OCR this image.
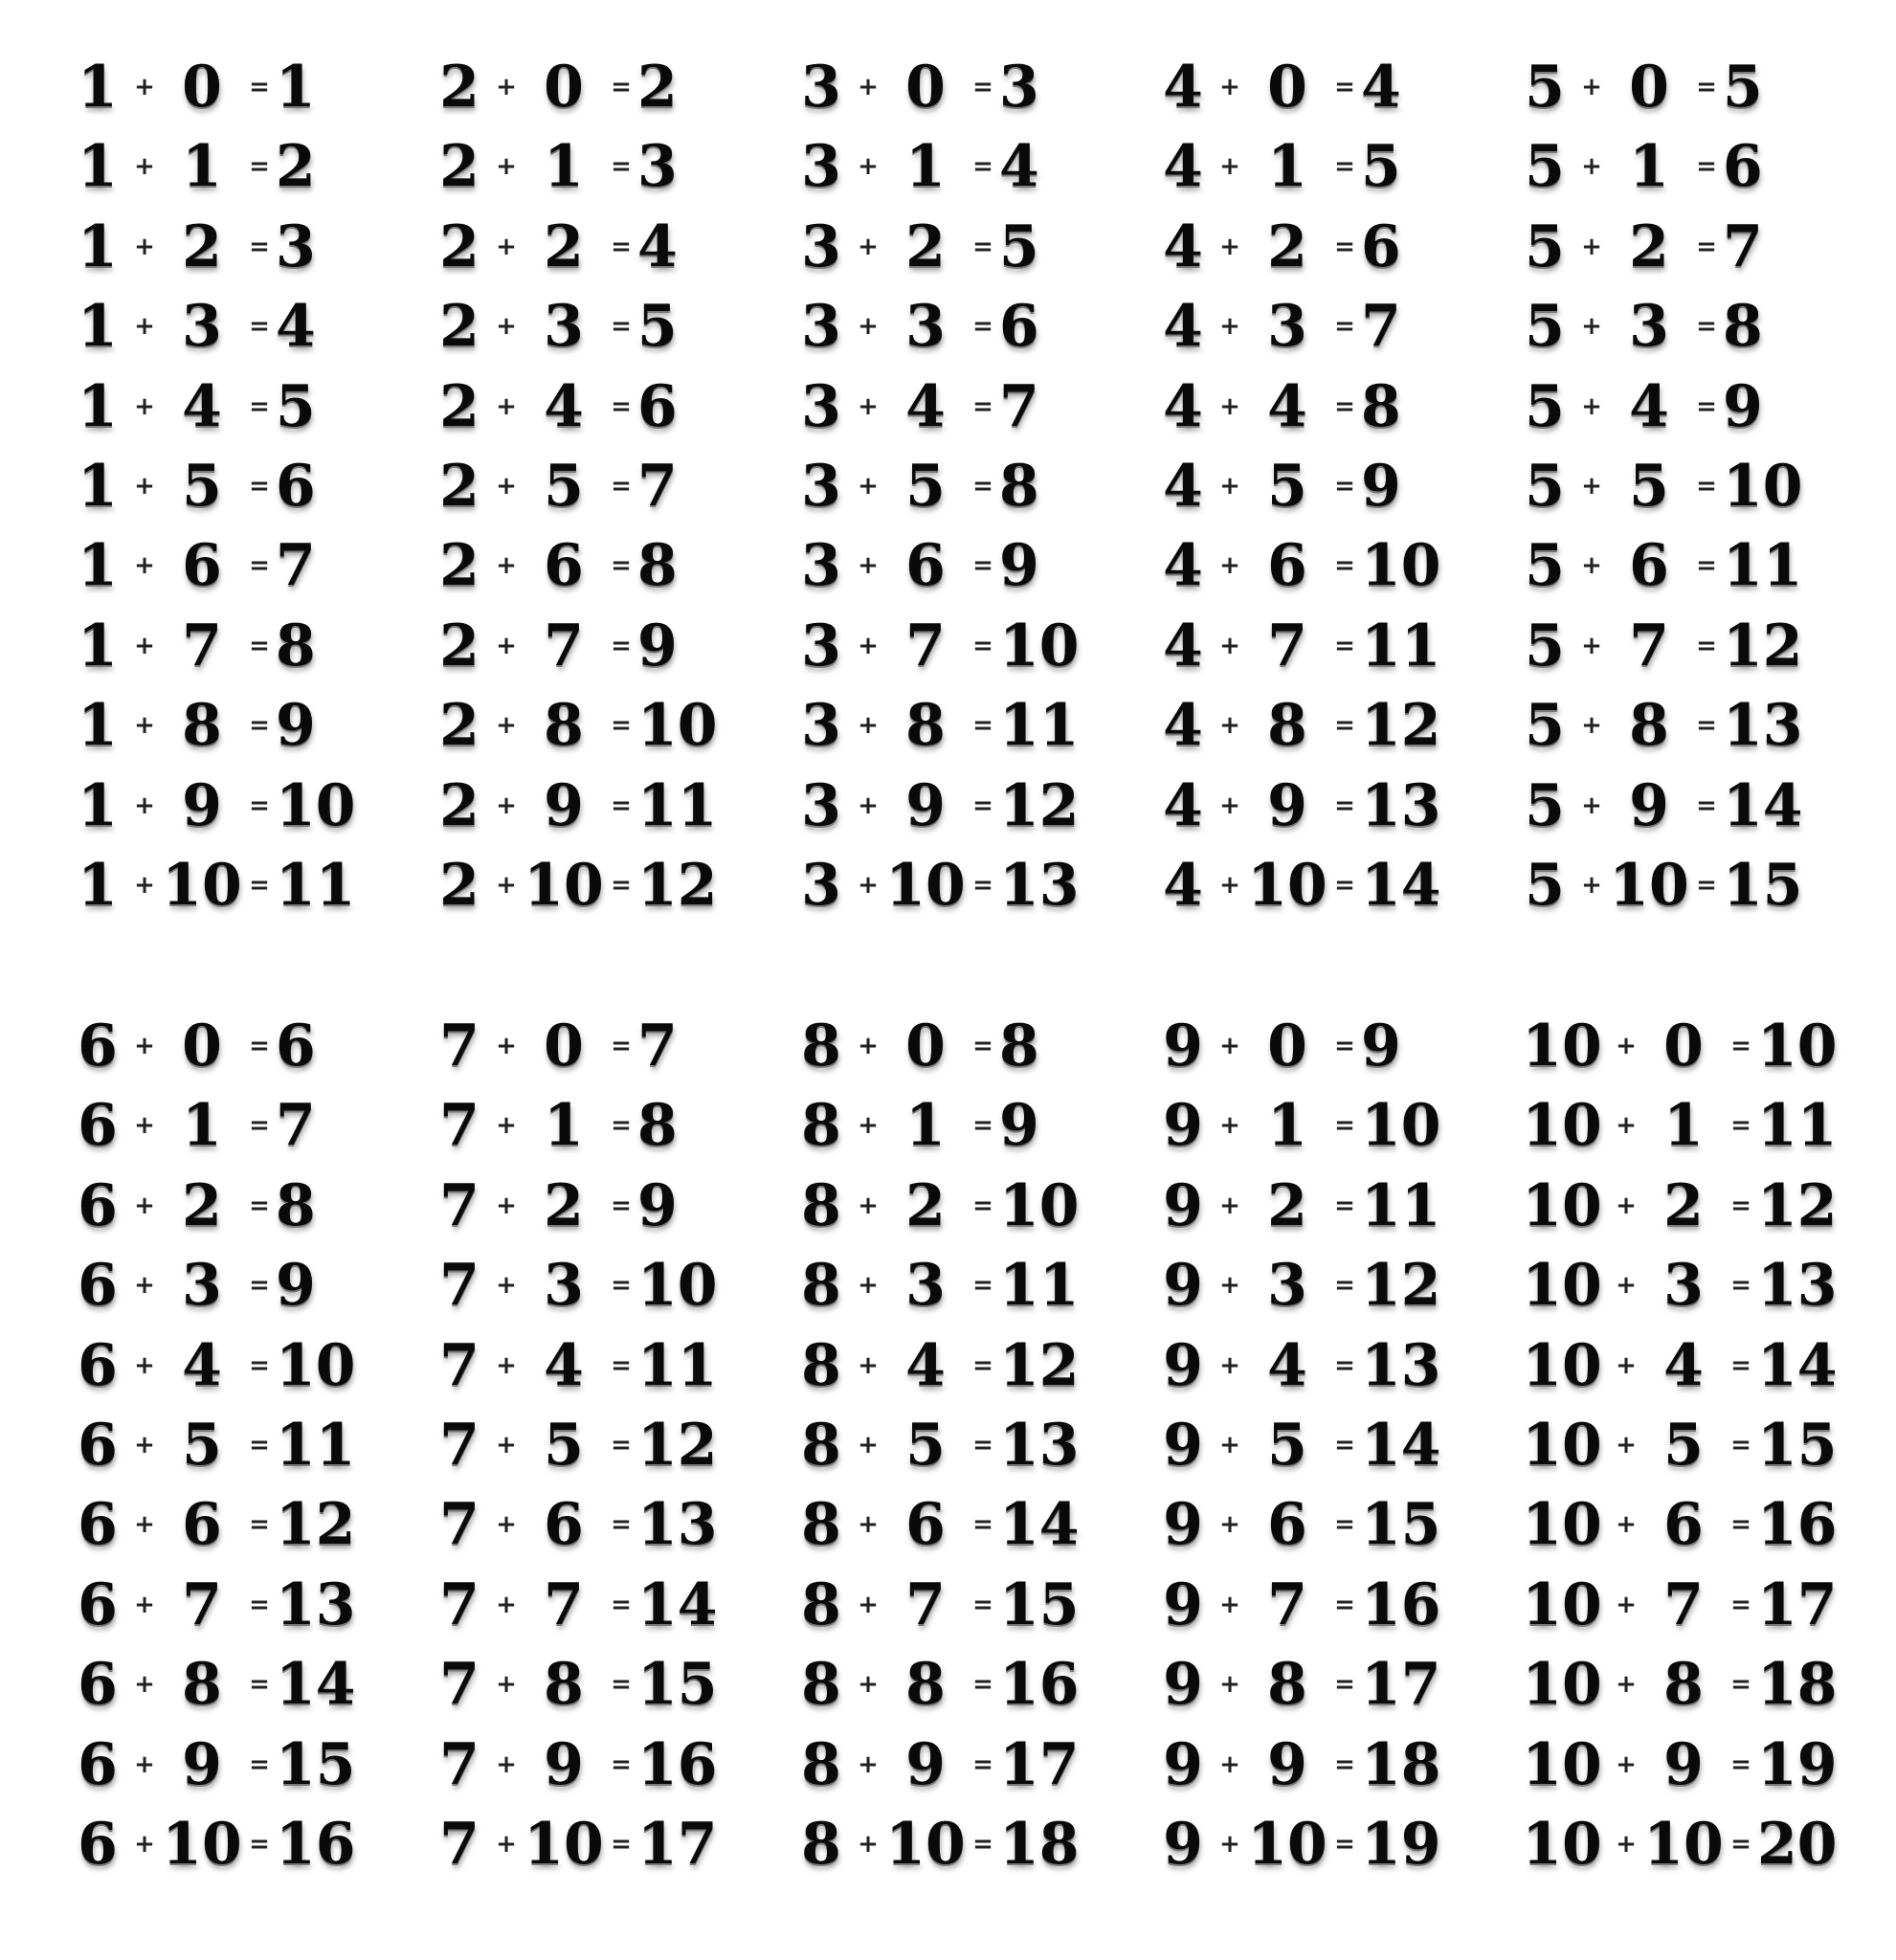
1 + 0	= 1
1 + 1	= 2
1 + 2	= 3
1 + 3	= 4
1 + 4	= 5
1 + 5	= 6
1 + 6	= 7
1 + 7	= 8
1 + 8	= 9
1 + 9	= 10
1 + 10 = 11
2 + 0	= 2
2 + 1	= 3
2 + 2	= 4
2 + 3	= 5
2 + 4	= 6
2 + 5	= 7
2 + 6	= 8
2 + 7	= 9
2 + 8	= 10
2 + 9	= 11
2 + 10 = 12
3 + 0	= 3
3 + 1	= 4
3 + 2	= 5
3 + 3	= 6
3 + 4	= 7
3 + 5	= 8
3 + 6	= 9
3 + 7	= 10
3 + 8	= 11
3 + 9	= 12
3 + 10 = 13
4 + 0	= 4
4 + 1	= 5
4 + 2	= 6
4 + 3	= 7
4 + 4	= 8
4 + 5	= 9
4 + 6	= 10
4 + 7	= 11
4 + 8	= 12
4 + 9	= 13
4 + 10 = 14
5 + 0	= 5
5 + 1	= 6
5 + 2	= 7
5 + 3	= 8
5 + 4	= 9
5 + 5	= 10
5 + 6	= 11
5 + 7	= 12
5 + 8	= 13
5 + 9	= 14
5 + 10 = 15
6 + 0	= 6
6 + 1	= 7
6 + 2	= 8
6 + 3	= 9
6 + 4	= 10
6 + 5	= 11
6 + 6	= 12
6 + 7	= 13
6 + 8	= 14
6 + 9	= 15
6 + 10 = 16
7 + 0	= 7
7 + 1	= 8
7 + 2	= 9
7 + 3	= 10
7 + 4	= 11
7 + 5	= 12
7 + 6	= 13
7 + 7	= 14
7 + 8	= 15
7 + 9	= 16
7 + 10 = 17
8 + 0	= 8
8 + 1	= 9
8 + 2	= 10
8 + 3	= 11
8 + 4	= 12
8 + 5	= 13
8 + 6	= 14
8 + 7	= 15
8 + 8	= 16
8 + 9	= 17
8 + 10 = 18
9 + 0	= 9
9 + 1	= 10
9 + 2	= 11
9 + 3	= 12
9 + 4	= 13
9 + 5	= 14
9 + 6	= 15
9 + 7	= 16
9 + 8	= 17
9 + 9	= 18
9 + 10 = 19
10 + 0	= 10
10 + 1	= 11
10 + 2	= 12
10 + 3	= 13
10 + 4	= 14
10 + 5	= 15
10 + 6	= 16
10 + 7	= 17
10 + 8	= 18
10 + 9	= 19
10 + 10 = 20
